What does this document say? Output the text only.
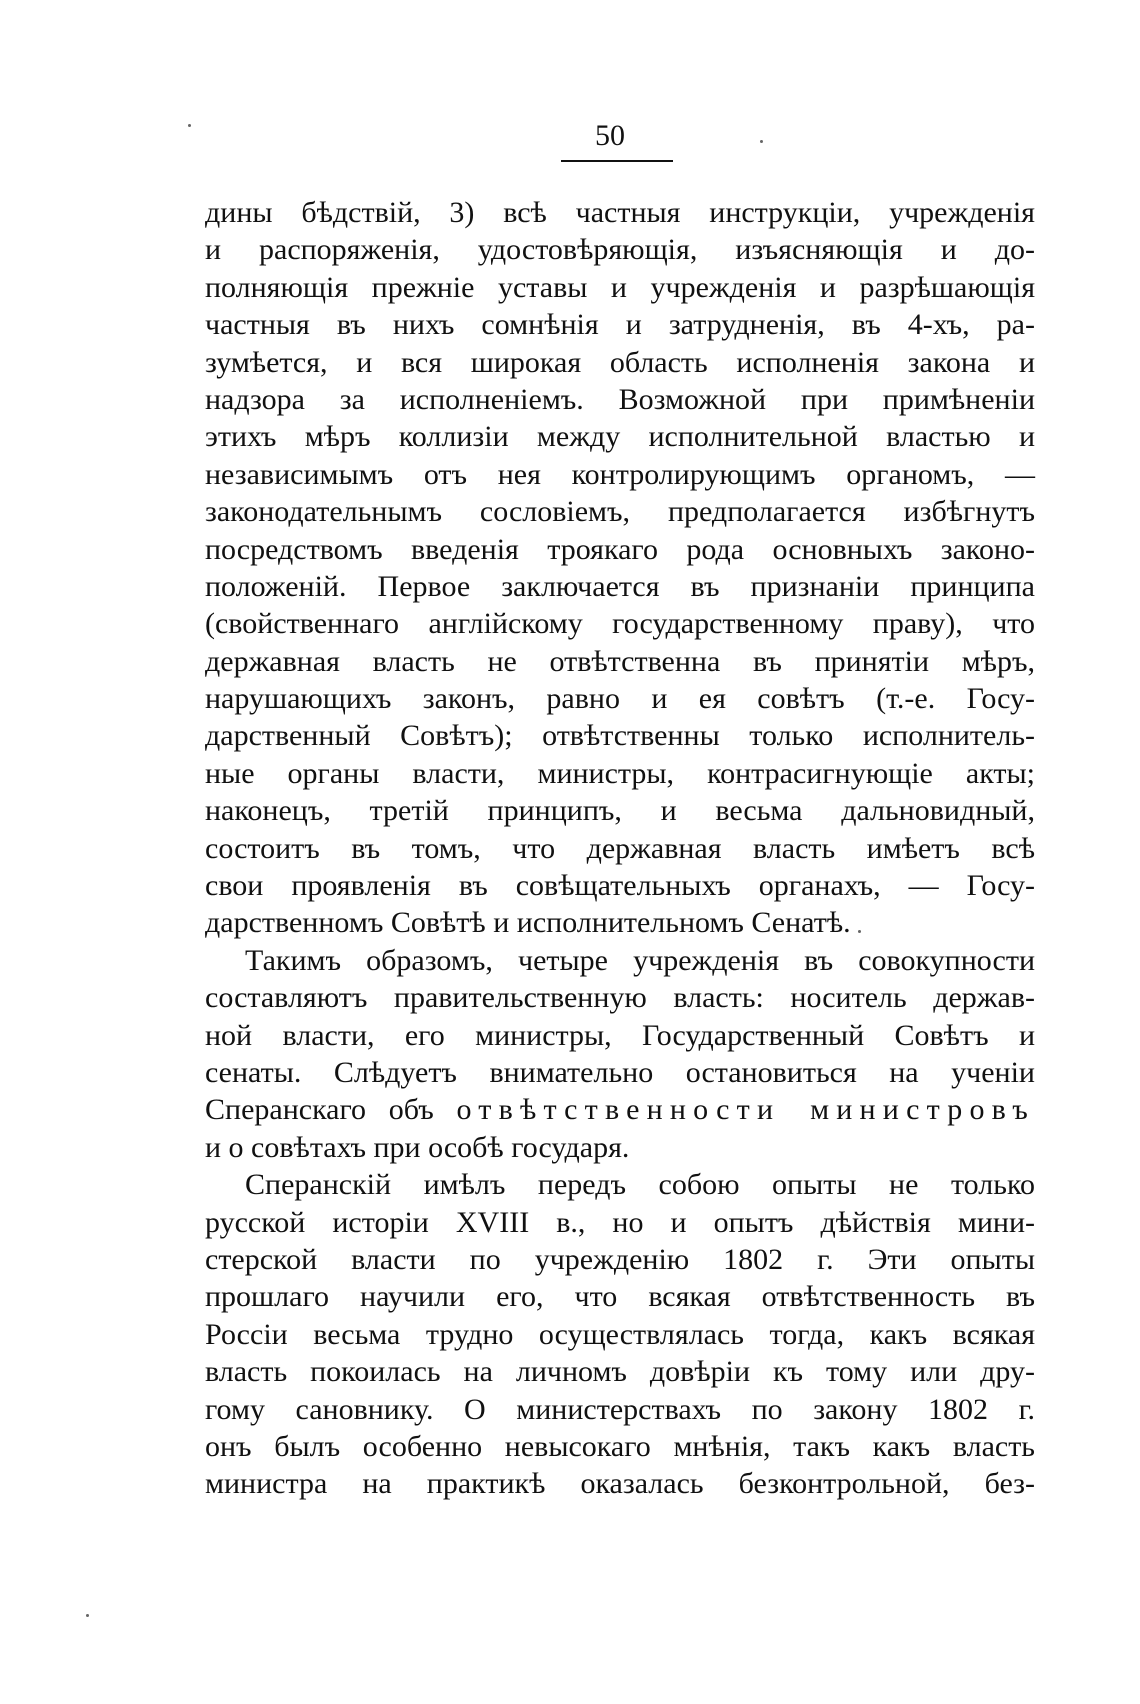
50
дины бѣдствій, 3) всѣ частныя инструкціи, учрежденія
и распоряженія, удостовѣряющія, изъясняющія и до-
полняющія прежніе уставы и учрежденія и разрѣшающія
частныя въ нихъ сомнѣнія и затрудненія, въ 4-хъ, ра-
зумѣется, и вся широкая область исполненія закона и
надзора за исполненіемъ. Возможной при примѣненіи
этихъ мѣръ коллизіи между исполнительной властью и
независимымъ отъ нея контролирующимъ органомъ, —
законодательнымъ сословіемъ, предполагается избѣгнутъ
посредствомъ введенія троякаго рода основныхъ законо-
положеній. Первое заключается въ признаніи принципа
(свойственнаго англійскому государственному праву), что
державная власть не отвѣтственна въ принятіи мѣръ,
нарушающихъ законъ, равно и ея совѣтъ (т.-е. Госу-
дарственный Совѣтъ); отвѣтственны только исполнитель-
ные органы власти, министры, контрасигнующіе акты;
наконецъ, третій принципъ, и весьма дальновидный,
состоитъ въ томъ, что державная власть имѣетъ всѣ
свои проявленія въ совѣщательныхъ органахъ, — Госу-
дарственномъ Совѣтѣ и исполнительномъ Сенатѣ.
Такимъ образомъ, четыре учрежденія въ совокупности
составляютъ правительственную власть: носитель держав-
ной власти, его министры, Государственный Совѣтъ и
сенаты. Слѣдуетъ внимательно остановиться на ученіи
Сперанскаго объ отвѣтственности министровъ
и о совѣтахъ при особѣ государя.
Сперанскій имѣлъ передъ собою опыты не только
русской исторіи XVIII в., но и опытъ дѣйствія мини-
стерской власти по учрежденію 1802 г. Эти опыты
прошлаго научили его, что всякая отвѣтственность въ
Россіи весьма трудно осуществлялась тогда, какъ всякая
власть покоилась на личномъ довѣріи къ тому или дру-
гому сановнику. О министерствахъ по закону 1802 г.
онъ былъ особенно невысокаго мнѣнія, такъ какъ власть
министра на практикѣ оказалась безконтрольной, без-
